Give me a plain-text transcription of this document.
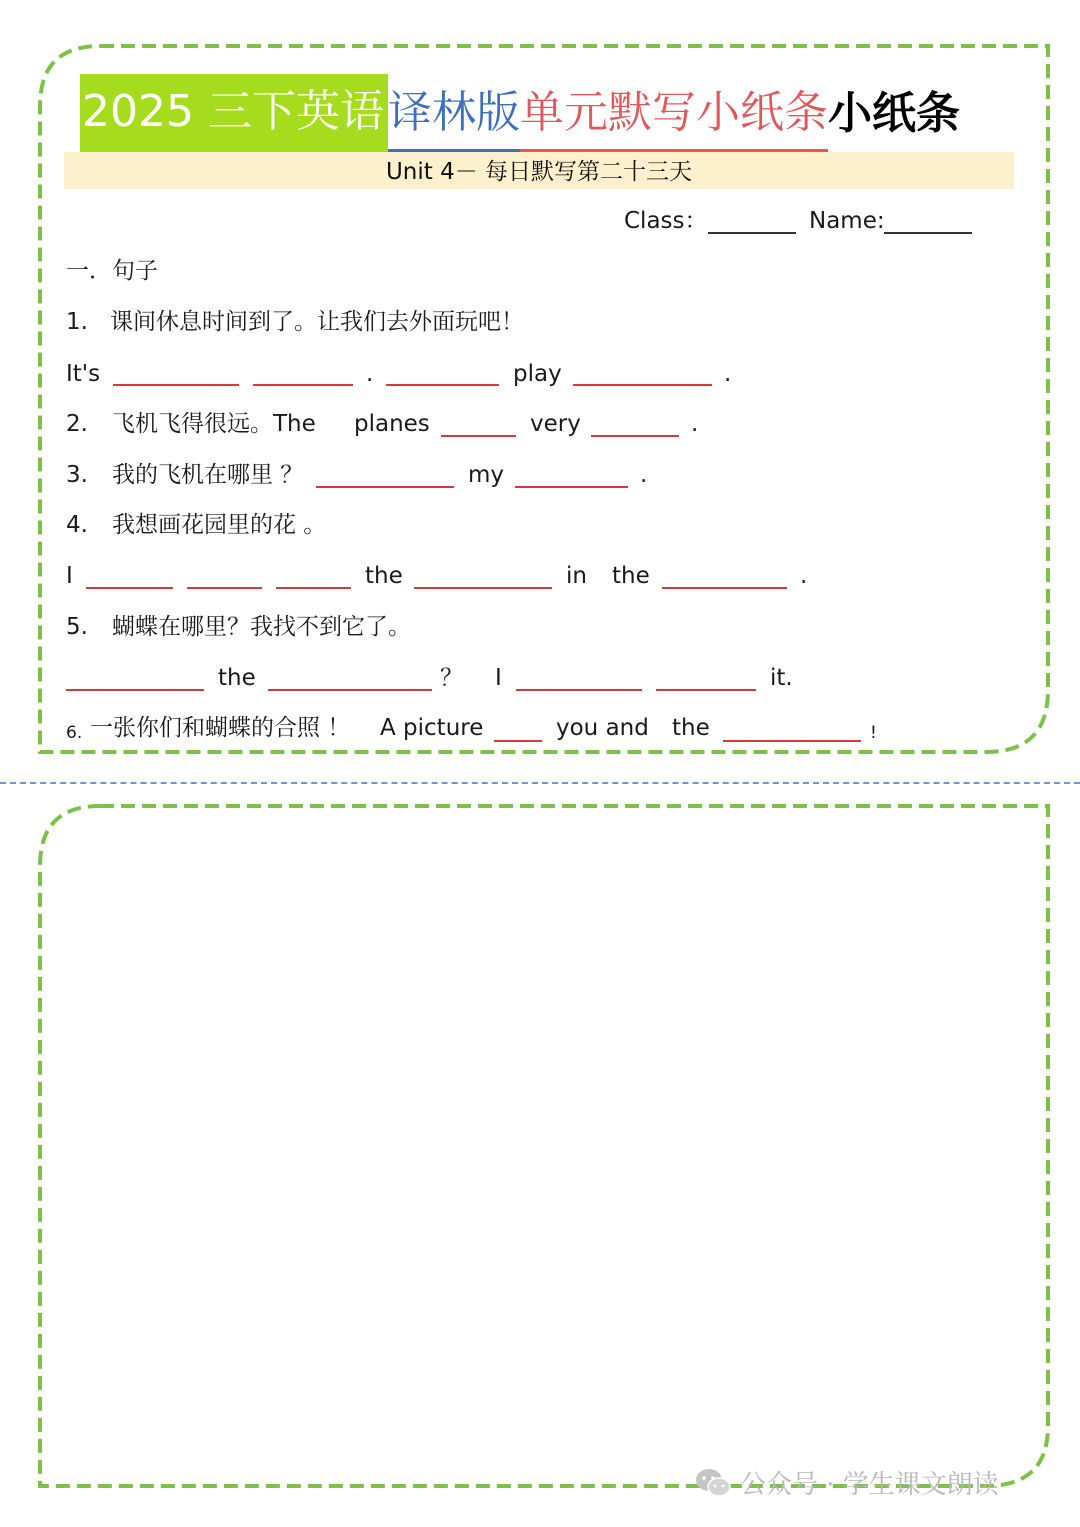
2025 三下英语 译林版 单元默写小纸条 小纸条
Unit 4－ 每日默写第二十三天
Class：	Name:
一．句子
1. 课间休息时间到了。让我们去外面玩吧！
It's	.	play	.
2. 飞机飞得很远。The planes	very	.
3. 我的飞机在哪里 ？	my	.
4. 我想画花园里的花 。
I	the	in the	.
5. 蝴蝶在哪里？我找不到它了。
the	？ I	it.
6. 一张你们和蝴蝶的合照 ！ A picture	you and the	!
公众号 · 学生课文朗读
